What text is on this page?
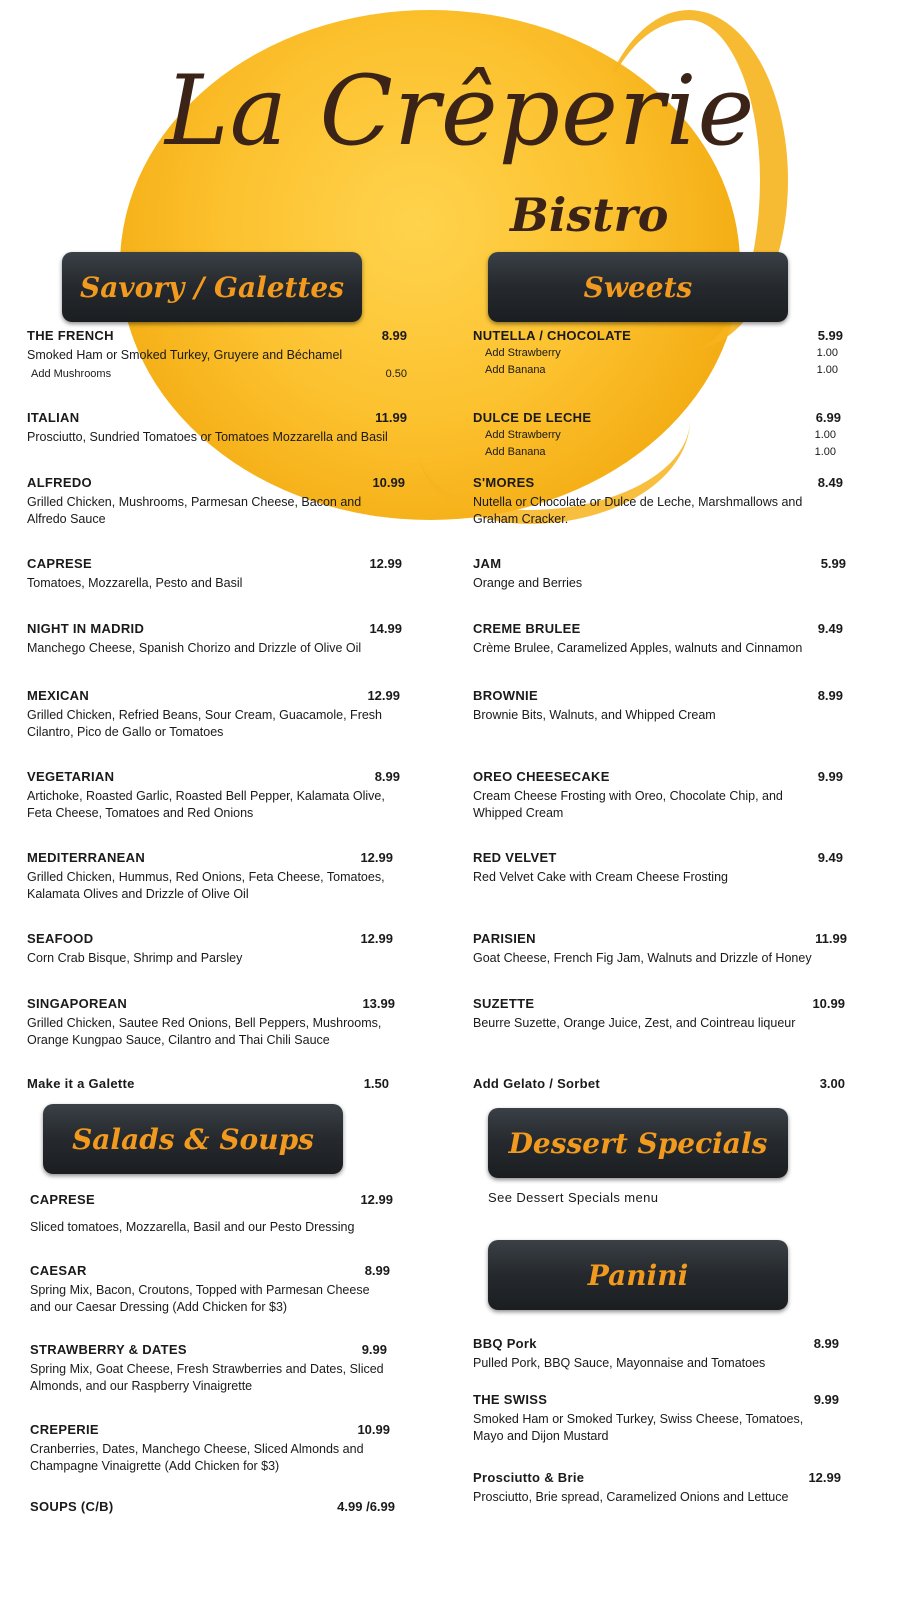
La Crêperie
Bistro
Savory / Galettes	Sweets
Salads & Soups	Dessert Specials
Panini
THE FRENCH	8.99
Smoked Ham or Smoked Turkey, Gruyere and Béchamel
Add Mushrooms	0.50
ITALIAN	11.99
Prosciutto, Sundried Tomatoes or Tomatoes Mozzarella and Basil
ALFREDO	10.99
Grilled Chicken, Mushrooms, Parmesan Cheese, Bacon and
Alfredo Sauce
CAPRESE	12.99
Tomatoes, Mozzarella, Pesto and Basil
NIGHT IN MADRID	14.99
Manchego Cheese, Spanish Chorizo and Drizzle of Olive Oil
MEXICAN	12.99
Grilled Chicken, Refried Beans, Sour Cream, Guacamole, Fresh
Cilantro, Pico de Gallo or Tomatoes
VEGETARIAN	8.99
Artichoke, Roasted Garlic, Roasted Bell Pepper, Kalamata Olive,
Feta Cheese, Tomatoes and Red Onions
MEDITERRANEAN	12.99
Grilled Chicken, Hummus, Red Onions, Feta Cheese, Tomatoes,
Kalamata Olives and Drizzle of Olive Oil
SEAFOOD	12.99
Corn Crab Bisque, Shrimp and Parsley
SINGAPOREAN	13.99
Grilled Chicken, Sautee Red Onions, Bell Peppers, Mushrooms,
Orange Kungpao Sauce, Cilantro and Thai Chili Sauce
Make it a Galette	1.50
NUTELLA / CHOCOLATE	5.99
Add Strawberry	1.00
Add Banana	1.00
DULCE DE LECHE	6.99
Add Strawberry	1.00
Add Banana	1.00
S'MORES	8.49
Nutella or Chocolate or Dulce de Leche, Marshmallows and
Graham Cracker.
JAM	5.99
Orange and Berries
CREME BRULEE	9.49
Crème Brulee, Caramelized Apples, walnuts and Cinnamon
BROWNIE	8.99
Brownie Bits, Walnuts, and Whipped Cream
OREO CHEESECAKE	9.99
Cream Cheese Frosting with Oreo, Chocolate Chip, and
Whipped Cream
RED VELVET	9.49
Red Velvet Cake with Cream Cheese Frosting
PARISIEN	11.99
Goat Cheese, French Fig Jam, Walnuts and Drizzle of Honey
SUZETTE	10.99
Beurre Suzette, Orange Juice, Zest, and Cointreau liqueur
Add Gelato / Sorbet	3.00
CAPRESE	12.99
Sliced tomatoes, Mozzarella, Basil and our Pesto Dressing
CAESAR	8.99
Spring Mix, Bacon, Croutons, Topped with Parmesan Cheese
and our Caesar Dressing (Add Chicken for $3)
STRAWBERRY & DATES	9.99
Spring Mix, Goat Cheese, Fresh Strawberries and Dates, Sliced
Almonds, and our Raspberry Vinaigrette
CREPERIE	10.99
Cranberries, Dates, Manchego Cheese, Sliced Almonds and
Champagne Vinaigrette (Add Chicken for $3)
SOUPS (C/B)	4.99 /6.99
See Dessert Specials menu
BBQ Pork	8.99
Pulled Pork, BBQ Sauce, Mayonnaise and Tomatoes
THE SWISS	9.99
Smoked Ham or Smoked Turkey, Swiss Cheese, Tomatoes,
Mayo and Dijon Mustard
Prosciutto & Brie	12.99
Prosciutto, Brie spread, Caramelized Onions and Lettuce
